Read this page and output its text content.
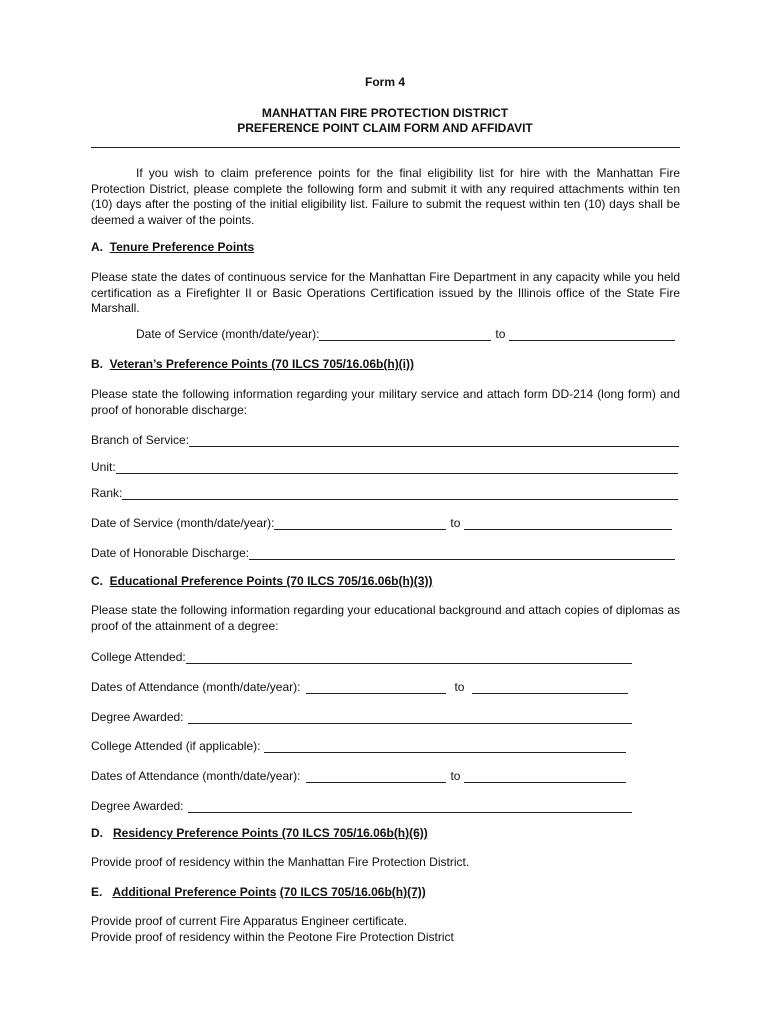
Form 4
MANHATTAN FIRE PROTECTION DISTRICT
PREFERENCE POINT CLAIM FORM AND AFFIDAVIT
If you wish to claim preference points for the final eligibility list for hire with the Manhattan Fire Protection District, please complete the following form and submit it with any required attachments within ten (10) days after the posting of the initial eligibility list. Failure to submit the request within ten (10) days shall be deemed a waiver of the points.
A. Tenure Preference Points
Please state the dates of continuous service for the Manhattan Fire Department in any capacity while you held certification as a Firefighter II or Basic Operations Certification issued by the Illinois office of the State Fire Marshall.
Date of Service (month/date/year):	to
B. Veteran’s Preference Points (70 ILCS 705/16.06b(h)(i))
Please state the following information regarding your military service and attach form DD-214 (long form) and proof of honorable discharge:
Branch of Service:
Unit:
Rank:
Date of Service (month/date/year):	to
Date of Honorable Discharge:
C. Educational Preference Points (70 ILCS 705/16.06b(h)(3))
Please state the following information regarding your educational background and attach copies of diplomas as proof of the attainment of a degree:
College Attended:
Dates of Attendance (month/date/year):	to
Degree Awarded:
College Attended (if applicable):
Dates of Attendance (month/date/year):	to
Degree Awarded:
D. Residency Preference Points (70 ILCS 705/16.06b(h)(6))
Provide proof of residency within the Manhattan Fire Protection District.
E. Additional Preference Points (70 ILCS 705/16.06b(h)(7))
Provide proof of current Fire Apparatus Engineer certificate.
Provide proof of residency within the Peotone Fire Protection District
